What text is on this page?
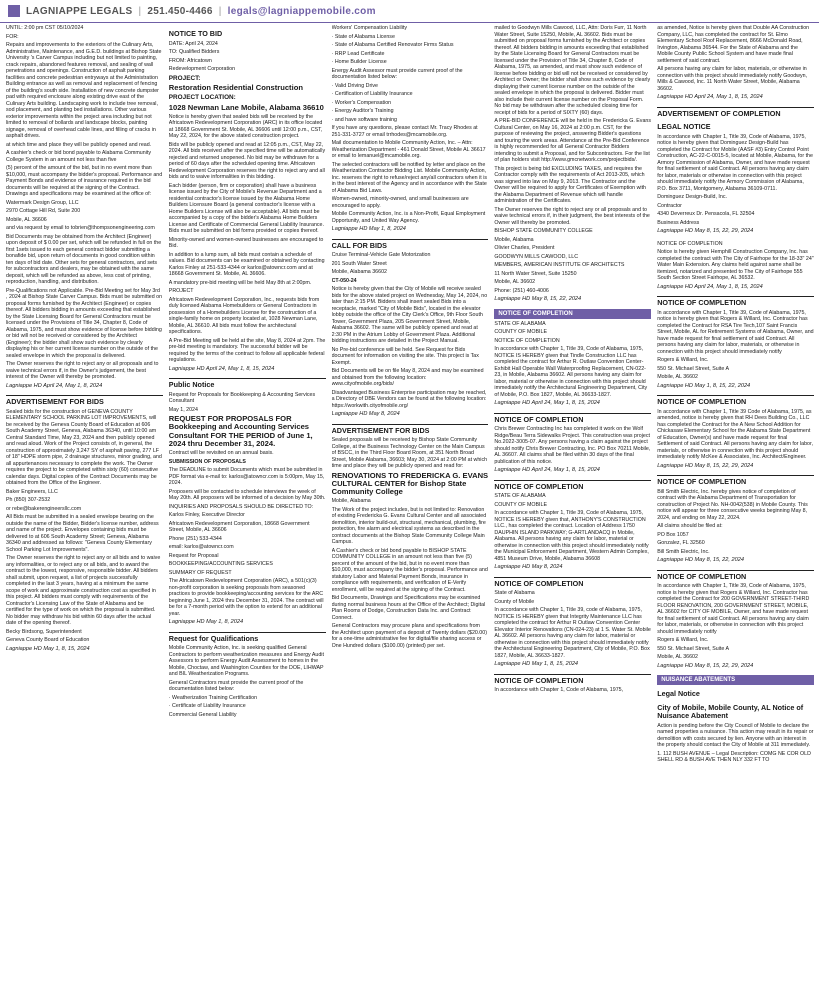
LAGNIAPPE LEGALS | 251.450-4466 | legals@lagniappemobile.com

UNTIL: 2:00 pm CST 05/10/2024

FOR:

Repairs and improvements to the exteriors of the Culinary Arts, Administrative, Maintenance, and G.E.D. buildings at Bishop State University 's Carver Campus including but not limited to painting, crack repairs, abandoned features removal, and sealing of wall penetrations and openings. Construction of asphalt parking facilities and concrete pedestrian entryways at the Administration Building entrance as well as removal and replacement of fencing of the building's south side. Installation of new concrete dumpster pad with required enclosure along existing drive east of the Culinary Arts building. Landscaping work to include tree removal, sod placement, and planting bed installations. Other various exterior improvements within the project area including but not limited to removal of bollards and landscape blocks, painting signage, removal of overhead cable lines, and filling of cracks in asphalt drives.

at which time and place they will be publicly opened and read.

A cashier's check or bid bond payable to Alabama Community College System in an amount not less than five

(5) percent of the amount of the bid, but in no event more than $10,000, must accompany the bidder's proposal. Performance and Payment Bonds and evidence of insurance required in the bid documents will be required at the signing of the Contract. Drawings and specifications may be examined at the office of:

Watermark Design Group, LLC

2970 Cottage Hill Rd, Suite 200

Mobile, AL 36606

and via request by email to tobrien@thompsonengineering.com

Bid Documents may be obtained from the Architect (Engineer) upon deposit of $ 0.00 per set, which will be refunded in full on the first 1sets issued to each general contract bidder submitting a bonafide bid, upon return of documents in good condition within ten days of bid date. Other sets for general contractors, and sets for subcontractors and dealers, may be obtained with the same deposit, which will be refunded as above, less cost of printing, reproduction, handling, and distribution.

Pre-Qualifications not Applicable. Pre-Bid Meeting set for May 3rd , 2024 at Bishop State Carver Campus. Bids must be submitted on proposal forms furnished by the Architect (Engineer) or copies thereof. All bidders bidding in amounts exceeding that established by the State Licensing Board for General Contractors must be licensed under the Provisions of Title 34, Chapter 8, Code of Alabama, 1975, and must show evidence of license before bidding or bid will not be received or considered by the Architect (Engineer); the bidder shall show such evidence by clearly displaying his or her current license number on the outside of the sealed envelope in which the proposal is delivered.

The Owner reserves the right to reject any or all proposals and to waive technical errors if, in the Owner's judgement, the best interest of the Owner will thereby be promoted.

Lagniappe HD April 24, May 1, 8, 2024

ADVERTISEMENT FOR BIDS

Sealed bids for the construction of GENEVA COUNTY ELEMENTARY SCHOOL PARKING LOT IMPROVEMENTS, will be received by the Geneva County Board of Education at 606 South Academy Street, Geneva, Alabama 36340, until 10:00 am Central Standard Time, May 23, 2024 and then publicly opened and read aloud. Work of the Project consists of, in general, the construction of approximately 3,247 SY of asphalt paving, 277 LF of 18" HDPE storm pipe, 2 drainage structures, minor grading, and all appurtenances necessary to complete the work. The Owner requires the project to be completed within sixty (60) consecutive calendar days. Digital copies of the Contract Documents may be obtained from the Office of the Engineer.

Baker Engineers, LLC

Ph (850) 307-2532

or rebe@bakerengineersllc.com

All Bids must be submitted in a sealed envelope bearing on the outside the name of the Bidder, Bidder's license number, address and name of the project. Envelopes containing bids must be delivered to at 606 South Academy Street; Geneva, Alabama 36340 and addressed as follows: "Geneva County Elementary School Parking Lot Improvements".

The Owner reserves the right to reject any or all bids and to waive any informalities, or to reject any or all bids, and to award the contract to the lowest, responsive, responsible bidder. All bidders shall submit, upon request, a list of projects successfully completed in the last 3 years, having at a minimum the same scope of work and approximate construction cost as specified in this project. All bidders must comply with requirements of the Contractor's Licensing Law of the State of Alabama and be certified for the type of work on which the proposal is submitted. No bidder may withdraw his bid within 60 days after the actual date of the opening thereof.

Becky Birdsong, Superintendent

Geneva County Board of Education

Lagniappe HD May 1, 8, 15, 2024

NOTICE TO BID

DATE: April 24, 2024

TO: Qualified Bidders

FROM: Africatown

Redevelopment Corporation

PROJECT:

Restoration Residential Construction

PROJECT LOCATION:

1028 Newman Lane Mobile, Alabama 36610

Notice is hereby given that sealed bids will be received by the Africatown Redevelopment Corporation (ARC) in its office located at 18668 Government St. Mobile, AL 36606 until 12:00 p.m., CST, May 22, 2024, for the above stated construction project.

Bids will be publicly opened and read at 12:05 p.m., CST, May 22, 2024. All bids received after the specified time will be automatically rejected and returned unopened. No bid may be withdrawn for a period of 60 days after the scheduled opening time. Africatown Redevelopment Corporation reserves the right to reject any and all bids and to waive informalities in this bidding.

Each bidder (person, firm or corporation) shall have a business license issued by the City of Mobile's Revenue Department and a residential contractor's license issued by the Alabama Home Builders Licensure Board (a general contractor's license with a Home Builders License will also be acceptable). All bids must be accompanied by a copy of the bidder's Alabama Home Builders License and Certificate of Commercial General Liability Insurance. Bids must be submitted on bid forms provided or copies thereof.

Minority-owned and women-owned businesses are encouraged to Bid.

In addition to a lump sum, all bids must contain a schedule of values. Bid documents can be examined or obtained by contacting Karlos Finley at 251-533-4344 or karlos@atowncr.com and at 18668 Government St. Mobile, AL 36606.

A mandatory pre-bid meeting will be held May 8th at 2:00pm.

PROJECT

Africatown Redevelopment Corporation, Inc., requests bids from duly licensed Alabama Homebuilders or General Contractors in possession of a Homebuilders License for the construction of a single-family home on property located at, 1028 Newman Lane, Mobile, AL 36610. All bids must follow the architectural specifications.

A Pre-Bid Meeting will be held at the site, May 8, 2024 at 2pm. The pre-bid meeting is mandatory. The successful bidder will be required by the terms of the contract to follow all applicable federal regulations.

Lagniappe HD April 24, May 1, 8, 15, 2024

Public Notice

Request for Proposals for Bookkeeping & Accounting Services Consultant

May 1, 2024

REQUEST FOR PROPOSALS FOR Bookkeeping and Accounting Services Consultant FOR THE PERIOD of June 1, 2024 thru December 31, 2024.

Contract will be revisited on an annual basis.

SUBMISSION OF PROPOSALS

The DEADLINE to submit Documents which must be submitted in PDF format via e-mail to: karlos@atowncr.com is 5:00pm, May 15, 2024.

Proposers will be contacted to schedule interviews the week of May 20th. All proposers will be informed of a decision by May 30th.

INQUIRIES AND PROPOSALS SHOULD BE DIRECTED TO:

Karlos Finley, Executive Director

Africatown Redevelopment Corporation, 18668 Government Street, Mobile, AL 36606

Phone (251) 533-4344

email: karlos@atowncr.com

Request for Proposal

BOOKKEEPING/ACCOUNTING SERVICES

SUMMARY OF REQUEST

The Africatown Redevelopment Corporation (ARC), a 501(c)(3) non-profit corporation is seeking proposals from seasoned practices to provide bookkeeping/accounting services for the ARC beginning June 1, 2024 thru December 31, 2024. The contract will be for a 7-month period with the option to extend for an additional year.

Lagniappe HD May 1, 8, 2024

Request for Qualifications

Mobile Community Action, Inc. is seeking qualified General Contractors to perform weatherization measures and Energy Audit Assessors to perform Energy Audit Assessment to homes in the Mobile, Choctaw, and Washington Counties for the DOE, LIHWAP and BIL Weatherization Programs.

General Contractors must provide the current proof of the documentation listed below:

· Weatherization Training Certification

· Certificate of Liability Insurance

Commercial General Liability

Workers' Compensation Liability

· State of Alabama License

· State of Alabama Certified Renovator Firms Status

· RRP Lead Certificate

· Home Builder License

Energy Audit Assessor must provide current proof of the documentation listed below:

· Valid Driving Drive

· Certification of Liability Insurance

· Worker's Compensation

· Energy Auditor's Training

· and have software training

If you have any questions, please contact Mr. Tracy Rhodes at 251-331-3727 or email trrhodes@mcamobile.org.

Mail documentation to Mobile Community Action, Inc. – Attn: Weatherization Department - 461 Donald Street, Mobile AL 36617 or email to lemanuel@mcamobile.org.

The selected contractors will be notified by letter and place on the Weatherization Contractor Bidding List. Mobile Community Action, Inc. reserves the right to refuse/reject any/all contractors when it is in the best interest of the Agency and in accordance with the State of Alabama Bid Laws.

Women-owned, minority-owned, and small businesses are encouraged to apply.

Mobile Community Action, Inc. is a Non-Profit, Equal Employment Opportunity, and United Way Agency.

Lagniappe HD May 1, 8, 2024

CALL FOR BIDS

Cruise Terminal-Vehicle Gate Motorization

201 South Water Street

Mobile, Alabama 36602

CT-050-24

Notice is hereby given that the City of Mobile will receive sealed bids for the above stated project on Wednesday, May 14, 2024, no later than 2:15 PM. Bidders shall insert sealed Bids into a receptacle, marked "City of Mobile Bids", located in the elevator lobby outside the office of the City Clerk's Office, 9th Floor South Tower, Government Plaza, 205 Government Street, Mobile, Alabama 36602. The same will be publicly opened and read at 2:30 PM in the Atrium Lobby of Government Plaza. Additional bidding instructions are detailed in the Project Manual.

No Pre-bid conference will be held. See Request for Bids document for information on visiting the site. This project is Tax Exempt.

Bid Documents will be on file May 8, 2024 and may be examined and obtained from the following location: www.cityofmobile.org/bids/

Disadvantaged Business Enterprise participation may be reached, a Directory of DBE Vendors can be found at the following location: https://workwith.cityofmobile.org/

Lagniappe HD May 8, 2024

ADVERTISEMENT FOR BIDS

Sealed proposals will be received by Bishop State Community College, at the Business Technology Center on the Main Campus of BSCC, in the Third Floor Board Room, at 351 North Broad Street, Mobile Alabama, 36603; May 30, 2024 at 2:00 PM at which time and place they will be publicly opened and read for:

RENOVATIONS TO FREDERICKA G. EVANS CULTURAL CENTER for Bishop State Community College

Mobile, Alabama

The Work of the project includes, but is not limited to: Renovation of existing Fredericka G. Evans Cultural Center and all associated demolition, interior build-out, structural, mechanical, plumbing, fire protection, fire alarm and electrical systems as described in the contract documents at the Bishop State Community College Main Campus.

A Cashier's check or bid bond payable to BISHOP STATE COMMUNITY COLLEGE in an amount not less than five (5) percent of the amount of the bid, but in no event more than $10,000, must accompany the bidder's proposal. Performance and statutory Labor and Material Payment Bonds, insurance in compliance with requirements, and verification of E-Verify enrollment, will be required at the signing of the Contract.

Bid Documents, Drawings and Specifications may be examined during normal business hours at the Office of the Architect; Digital Plan Rooms of Dodge, Construction Data Inc. and Contract Connect.

General Contractors may procure plans and specifications from the Architect upon payment of a deposit of Twenty dollars ($20.00) for a one-time administrative fee for digital/file sharing access or One Hundred dollars ($100.00) (printed) per set.

mailed to Goodwyn Mills Cawood, LLC, Attn: Doris Furr, 11 North Water Street, Suite 15250, Mobile, AL 36602. Bids must be submitted on proposal forms furnished by the Architect or copies thereof. All bidders bidding in amounts exceeding that established by the State Licensing Board for General Contractors must be licensed under the Provision of Title 34, Chapter 8, Code of Alabama, 1975, as amended, and must show such evidence of license before bidding or bid will not be received or considered by Architect or Owner; the bidder shall show such evidence by clearly displaying their current license number on the outside of the sealed envelope in which the proposal is delivered. Bidder must also include their current license number on the Proposal Form. No bid may be withdrawn after the scheduled closing time for receipt of bids for a period of SIXTY (60) days.

A PRE-BID CONFERENCE will be held in the Fredericka G. Evans Cultural Center, on May 16, 2024 at 2:00 p.m. CST, for the purpose of reviewing the project, answering Bidder's questions and touring the work areas. Attendance at the Pre-Bid Conference is highly recommended for all General Contractor Bidders intending to submit a Proposal, and for Subcontractors. For the list of plan holders visit http://www.gmcnetwork.com/projectbids/.

This project is being bid EXCLUDING TAXES, and requires the Contractor comply with the requirements of Act 2013-205, which was signed into law on May 9, 2013. The Contractor and the Owner will be required to apply for Certificates of Exemption with the Alabama Department of Revenue which will handle administration of the Certificates.

The Owner reserves the right to reject any or all proposals and to waive technical errors if, in their judgment, the best interests of the Owner will thereby be promoted.

BISHOP STATE COMMUNITY COLLEGE

Mobile, Alabama

Olivier Charles, President

GOODWYN MILLS CAWOOD, LLC

MEMBERS, AMERICAN INSTITUTE OF ARCHITECTS

11 North Water Street, Suite 15250

Mobile, AL 36602

Phone: (251) 460-4006

Lagniappe HD May 8, 15, 22, 2024

NOTICE OF COMPLETION

STATE OF ALABAMA

COUNTY OF MOBILE

NOTICE OF COMPLETION

In accordance with Chapter 1, Title 39, Code of Alabama, 1975, NOTICE IS HEREBY given that Tindle Construction LLC has completed the contract for Arthur R. Outlaw Convention Center- Exhibit Hall Operable Wall Waterproofing Replacement, CN-022-23, in Mobile, Alabama 36602. All persons having any claim for labor, material or otherwise in connection with this project should immediately notify the Architectural Engineering Department, City of Mobile, P.O. Box 1827, Mobile, AL 36633-1827.

Lagniappe HD April 24, May 1, 8, 15, 2024

NOTICE OF COMPLETION

Chris Brewer Contracting Inc has completed it work on the Wolf Ridge/Beau Terra Sidewalks Project. This construction was project No.2022-3005-07. Any persons having a claim against the project should notify Chris Brewer Contracting, Inc. PO Box 70211 Mobile, AL 36607. All claims shall be filed within 30 days of the final publication of this notice.

Lagniappe HD April 24, May 1, 8, 15, 2024

NOTICE OF COMPLETION

STATE OF ALABAMA

COUNTY OF MOBILE

In accordance with Chapter 1, Title 39, Code of Alabama, 1975, NOTICE IS HEREBY given that, ANTHONY'S CONSTRUCTION LLC., has completed the contract. Location of Address 1750 DAUPHIN ISLAND PARKWAY; G-ARTLANDACQ in Mobile, Alabama. All persons having any claim for labor, material or otherwise in connection with this project should immediately notify the Municipal Enforcement Department, Western Admin Complex, 4851 Museum Drive, Mobile, Alabama 36608

Lagniappe HD May 8, 2024

NOTICE OF COMPLETION

State of Alabama

County of Mobile

In accordance with Chapter 1, Title 39, code of Alabama, 1975, NOTICE IS HEREBY given that Integrity Maintenance LLC has completed the contract for Arthur R Outlaw Convention Center Elevator Interior Renovations (CN-024-23) at 1 S. Water St. Mobile AL 36602. All persons having any claim for labor, material or otherwise in connection with this project should immediately notify the Architectural Engineering Department, City of Mobile, P.O. Box 1827, Mobile, AL 36633-1827.

Lagniappe HD May 1, 8, 15, 2024

NOTICE OF COMPLETION

In accordance with Chapter 1, Code of Alabama, 1975,

as amended, Notice is hereby given that Double AA Construction Company, LLC, has completed the contract for St. Elmo Elementary School Roof Replacement, 8666 McDonald Road, Irvington, Alabama 36544. For the State of Alabama and the Mobile County Public School System and have made final settlement of said contract.

All persons having any claim for labor, materials, or otherwise in connection with this project should immediately notify Goodwyn, Mills & Cawood, Inc. 11 North Water Street, Mobile, Alabama 36602.

Lagniappe HD April 24, May 1, 8, 15, 2024

ADVERTISEMENT OF COMPLETION

LEGAL NOTICE

In accordance with Chapter 1, Title 39, Code of Alabama, 1975, notice is hereby given that Dominguez Design-Build has completed the Contract for Mobile (AASF #3) Entry Control Point Construction, AC-22-C-0015-5, located at Mobile, Alabama, for the Armory Commission of Alabama, Owner, and have made request for final settlement of said Contract. All persons having any claim for labor, materials or otherwise in connection with this project should immediately notify the Armory Commission of Alabama, P.O. Box 3711, Montgomery, Alabama 36109-0711.

Dominguez Design-Build, Inc.

Contractor

4340 Deverreux Dr. Pensacola, FL 32504

Business Address

Lagniappe HD May 8, 15, 22, 29, 2024

NOTICE OF COMPLETION

Notice is hereby given Hemphill Construction Company, Inc. has completed the contract with The City of Fairhope for the 18-33" 24" Water Main Extension. Any claims held against same shall be itemized, notarized and presented to The City of Fairhope 555 South Section Street Fairhope, AL 36532.

Lagniappe HD April 24, May 1, 8, 15, 2024

NOTICE OF COMPLETION

In accordance with Chapter 1, Title 39, Code of Alabama, 1975, notice is hereby given that Rogers & Willard, Inc. Contractor has completed the Contract for RSA Tire Tech,107 Saint Francis Street, Mobile, AL for Retirement Systems of Alabama, Owner, and have made request for final settlement of said Contract. All persons having any claim for labor, materials, or otherwise in connection with this project should immediately notify

Rogers & Willard, Inc.

550 St. Michael Street, Suite A

Mobile, AL 36602

Lagniappe HD May 1, 8, 15, 22, 2024

NOTICE OF COMPLETION

In accordance with Chapter 1, Title 39 Code of Alabama, 1975, as amended, notice is hereby given that RH Dees Building Co., LLC has completed the Contract for the A New School Addition for Chickasaw Elementary School for the Alabama State Department of Education, Owner(s) and have made request for final Settlement of said Contract. All persons having any claim for labor, materials, or otherwise in connection with this project should immediately notify McKee & Associates, Inc. Architect/Engineer.

Lagniappe HD May 8, 15, 22, 29, 2024

NOTICE OF COMPLETION

Bill Smith Electric, Inc. hereby gives notice of completion of contract with the Alabama Department of Transportation for construction of Project No. NH-0042(538) in Mobile County. This notice will appear for three consecutive weeks beginning May 8, 2024, and ending on May 22, 2024.

All claims should be filed at:

PO Box 1057

Gonzalez, FL 32560

Bill Smith Electric, Inc.

Lagniappe HD May 8, 15, 22, 2024

NOTICE OF COMPLETION

In accordance with Chapter 1, Title 39, Code of Alabama, 1975, notice is hereby given that Rogers & Willard, Inc. Contractor has completed the Contract for 200 GOVERNMENT STREET-THIRD FLOOR RENOVATION, 200 GOVERNMENT STREET, MOBILE, AL 36602 for CITY OF MOBILE, Owner, and have made request for final settlement of said Contract. All persons having any claim for labor, materials, or otherwise in connection with this project should immediately notify

Rogers & Willard, Inc.

550 St. Michael Street, Suite A

Mobile, AL 36602

Lagniappe HD May 8, 15, 22, 29, 2024

NUISANCE ABATEMENTS

Legal Notice

City of Mobile, Mobile County, AL Notice of Nuisance Abatement

Action is pending before the City Council of Mobile to declare the named properties a nuisance. This action may result in its repair or demolition with costs secured by lien. Anyone with an interest in the property should contact the City of Mobile at 311 immediately.

1. 112 BUSH AVENUE – Legal Description: COMG NE COR OLD SHELL RD & BUSH AVE THEN NLY 332 FT TO
